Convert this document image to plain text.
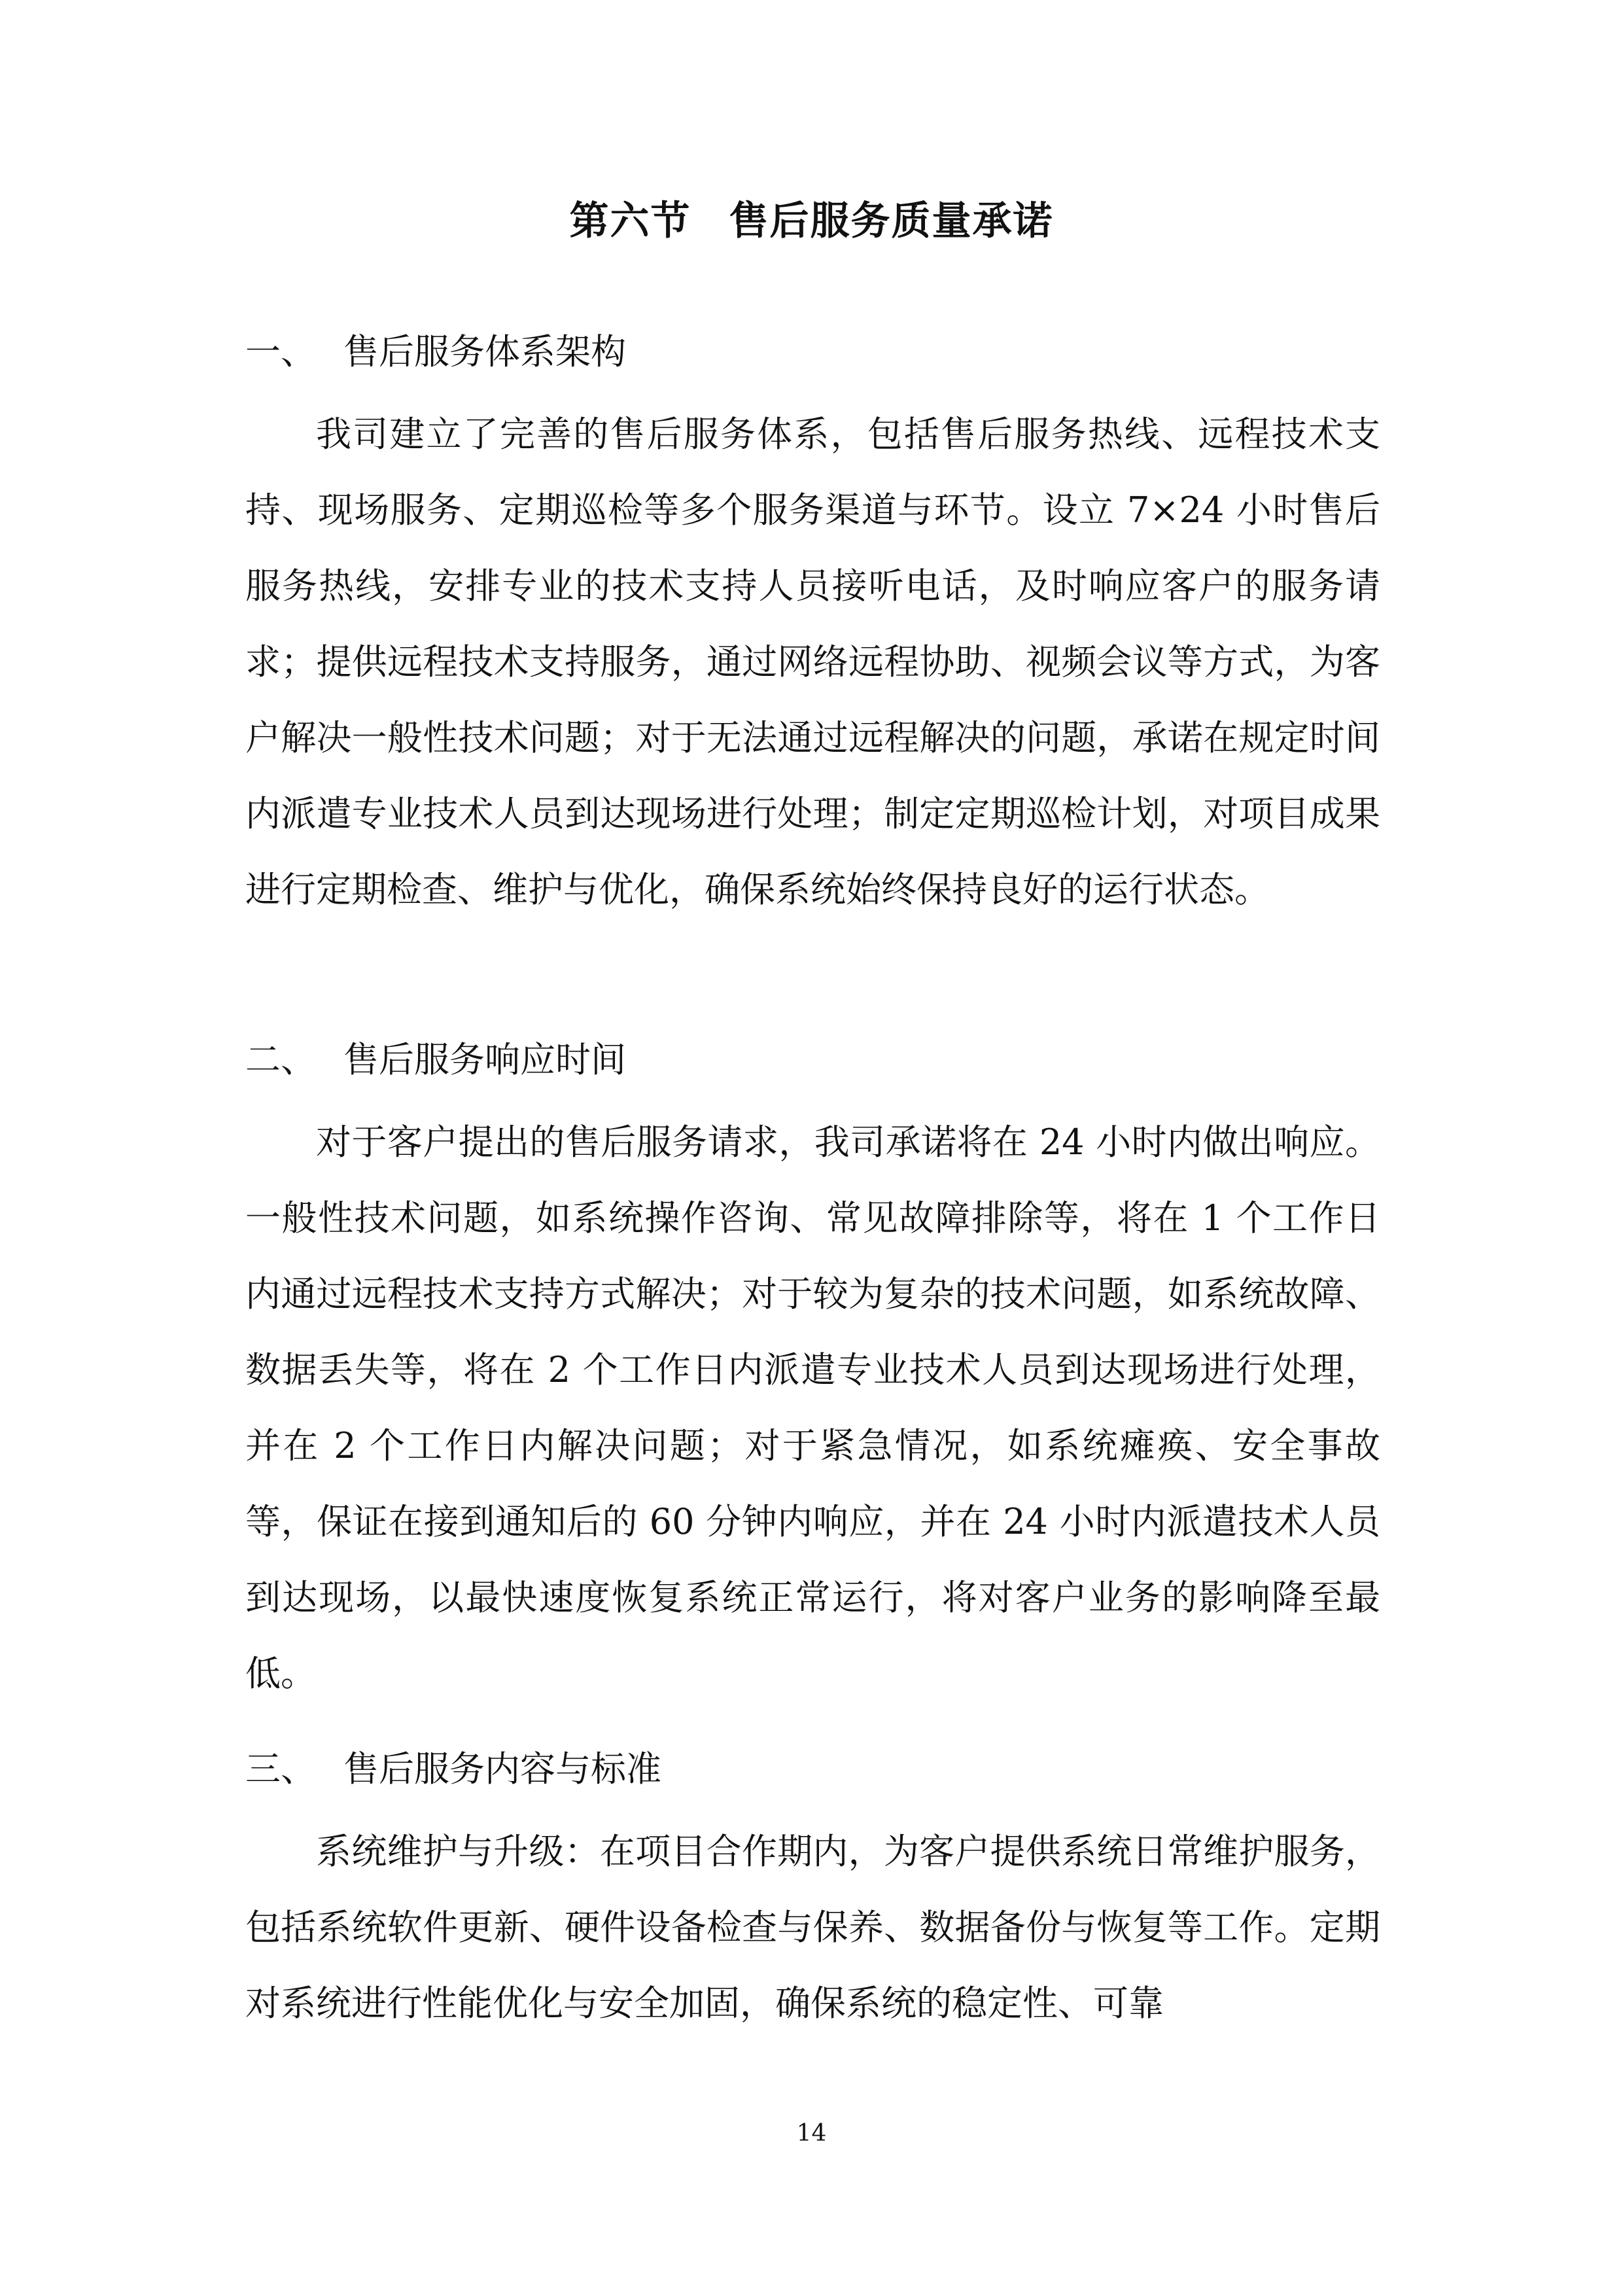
第六节 售后服务质量承诺
一、 售后服务体系架构

我司建立了完善的售后服务体系，包括售后服务热线、远程技术支持、现场服务、定期巡检等多个服务渠道与环节。设立 7×24 小时售后服务热线，安排专业的技术支持人员接听电话，及时响应客户的服务请求；提供远程技术支持服务，通过网络远程协助、视频会议等方式，为客户解决一般性技术问题；对于无法通过远程解决的问题，承诺在规定时间内派遣专业技术人员到达现场进行处理；制定定期巡检计划，对项目成果进行定期检查、维护与优化，确保系统始终保持良好的运行状态。

二、 售后服务响应时间

对于客户提出的售后服务请求，我司承诺将在 24 小时内做出响应。一般性技术问题，如系统操作咨询、常见故障排除等，将在 1 个工作日内通过远程技术支持方式解决；对于较为复杂的技术问题，如系统故障、数据丢失等，将在 2 个工作日内派遣专业技术人员到达现场进行处理，并在 2 个工作日内解决问题；对于紧急情况，如系统瘫痪、安全事故等，保证在接到通知后的 60 分钟内响应，并在 24 小时内派遣技术人员到达现场，以最快速度恢复系统正常运行，将对客户业务的影响降至最低。

三、 售后服务内容与标准

系统维护与升级：在项目合作期内，为客户提供系统日常维护服务，包括系统软件更新、硬件设备检查与保养、数据备份与恢复等工作。定期对系统进行性能优化与安全加固，确保系统的稳定性、可靠

14
